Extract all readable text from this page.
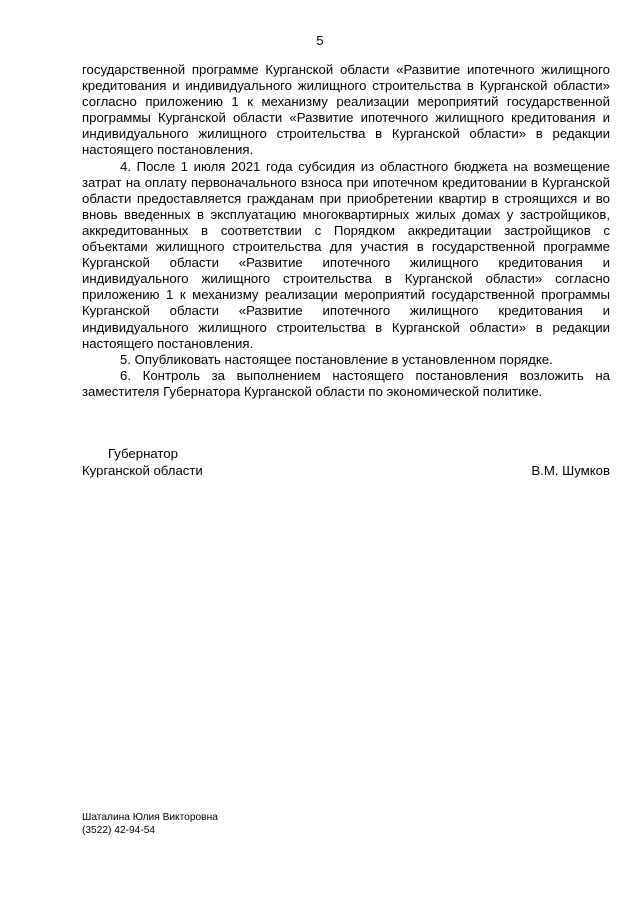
5

государственной программе Курганской области «Развитие ипотечного жилищного кредитования и индивидуального жилищного строительства в Курганской области» согласно приложению 1 к механизму реализации мероприятий государственной программы Курганской области «Развитие ипотечного жилищного кредитования и индивидуального жилищного строительства в Курганской области» в редакции настоящего постановления.

4. После 1 июля 2021 года субсидия из областного бюджета на возмещение затрат на оплату первоначального взноса при ипотечном кредитовании в Курганской области предоставляется гражданам при приобретении квартир в строящихся и во вновь введенных в эксплуатацию многоквартирных жилых домах у застройщиков, аккредитованных в соответствии с Порядком аккредитации застройщиков с объектами жилищного строительства для участия в государственной программе Курганской области «Развитие ипотечного жилищного кредитования и индивидуального жилищного строительства в Курганской области» согласно приложению 1 к механизму реализации мероприятий государственной программы Курганской области «Развитие ипотечного жилищного кредитования и индивидуального жилищного строительства в Курганской области» в редакции настоящего постановления.

5. Опубликовать настоящее постановление в установленном порядке.

6. Контроль за выполнением настоящего постановления возложить на заместителя Губернатора Курганской области по экономической политике.

Губернатор
Курганской области	В.М. Шумков
Шаталина Юлия Викторовна
(3522) 42-94-54
